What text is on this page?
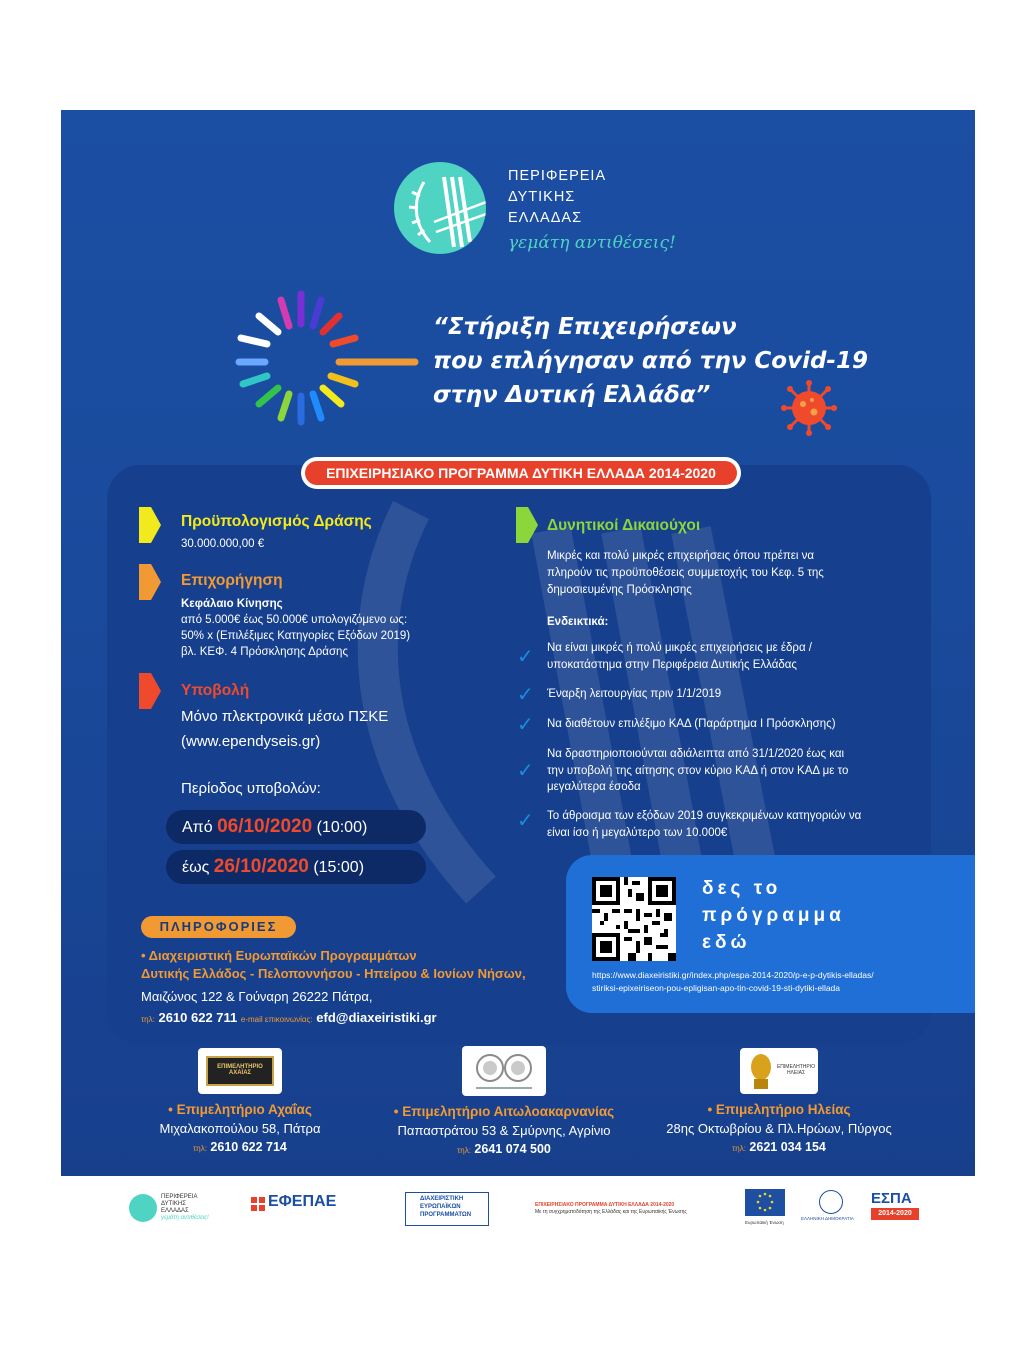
ΠΕΡΙΦΕΡΕΙΑ
ΔΥΤΙΚΗΣ
ΕΛΛΑΔΑΣ
γεμάτη αντιθέσεις!
“Στήριξη Επιχειρήσεων
που επλήγησαν από την Covid-19
στην Δυτική Ελλάδα”
ΕΠΙΧΕΙΡΗΣΙΑΚΟ ΠΡΟΓΡΑΜΜΑ ΔΥΤΙΚΗ ΕΛΛΑΔΑ 2014-2020
Προϋπολογισμός Δράσης
30.000.000,00 €
Επιχορήγηση
Κεφάλαιο Κίνησης
από 5.000€ έως 50.000€ υπολογιζόμενο ως:
50% x (Επιλέξιμες Κατηγορίες Εξόδων 2019)
βλ. ΚΕΦ. 4 Πρόσκλησης Δράσης
Υποβολή
Μόνο πλεκτρονικά μέσω ΠΣΚΕ
(www.ependyseis.gr)
Περίοδος υποβολών:
Από 06/10/2020 (10:00)
έως 26/10/2020 (15:00)
Δυνητικοί Δικαιούχοι
Μικρές και πολύ μικρές επιχειρήσεις όπου πρέπει να
πληρούν τις προϋποθέσεις συμμετοχής του Κεφ. 5 της
δημοσιευμένης Πρόσκλησης
Ενδεικτικά:
✓ Να είναι μικρές ή πολύ μικρές επιχειρήσεις με έδρα /
υποκατάστημα στην Περιφέρεια Δυτικής Ελλάδας
✓ Έναρξη λειτουργίας πριν 1/1/2019
✓ Να διαθέτουν επιλέξιμο ΚΑΔ (Παράρτημα Ι Πρόσκλησης)
✓
Να δραστηριοποιούνται αδιάλειπτα από 31/1/2020 έως και
την υποβολή της αίτησης στον κύριο ΚΑΔ ή στον ΚΑΔ με το
μεγαλύτερα έσοδα
✓ Το άθροισμα των εξόδων 2019 συγκεκριμένων κατηγοριών να
είναι ίσο ή μεγαλύτερο των 10.000€
δες το
πρόγραμμα
εδώ
https://www.diaxeiristiki.gr/index.php/espa-2014-2020/p-e-p-dytikis-elladas/
stiriksi-epixeiriseon-pou-epligisan-apo-tin-covid-19-sti-dytiki-ellada
ΠΛΗΡΟΦΟΡΙΕΣ
• Διαχειριστική Ευρωπαϊκών Προγραμμάτων
Δυτικής Ελλάδος - Πελοποννήσου - Ηπείρου & Ιονίων Νήσων,
Μαιζώνος 122 & Γούναρη 26222 Πάτρα,
τηλ: 2610 622 711 e-mail επικοινωνίας: efd@diaxeiristiki.gr
ΕΠΙΜΕΛΗΤΗΡΙΟ ΑΧΑΪΑΣ
• Επιμελητήριο Αχαΐας
Μιχαλακοπούλου 58, Πάτρα
τηλ: 2610 622 714
• Επιμελητήριο Αιτωλοακαρνανίας
Παπαστράτου 53 & Σμύρνης, Αγρίνιο
τηλ: 2641 074 500
ΕΠΙΜΕΛΗΤΗΡΙΟ ΗΛΕΙΑΣ
• Επιμελητήριο Ηλείας
28ης Οκτωβρίου & Πλ.Ηρώων, Πύργος
τηλ: 2621 034 154
ΠΕΡΙΦΕΡΕΙΑ
ΔΥΤΙΚΗΣ
ΕΛΛΑΔΑΣ
γεμάτη αντιθέσεις!
ΕΦΕΠΑΕ	ΔΙΑΧΕΙΡΙΣΤΙΚΗ
ΕΥΡΩΠΑΪΚΩΝ
ΠΡΟΓΡΑΜΜΑΤΩΝ
ΕΠΙΧΕΙΡΗΣΙΑΚΟ ΠΡΟΓΡΑΜΜΑ ΔΥΤΙΚΗ ΕΛΛΑΔΑ 2014-2020
Με τη συγχρηματοδότηση της Ελλάδας και της Ευρωπαϊκής Ένωσης
Ευρωπαϊκή Ένωση
ΕΛΛΗΝΙΚΗ ΔΗΜΟΚΡΑΤΙΑ
ΕΣΠΑ
2014-2020
